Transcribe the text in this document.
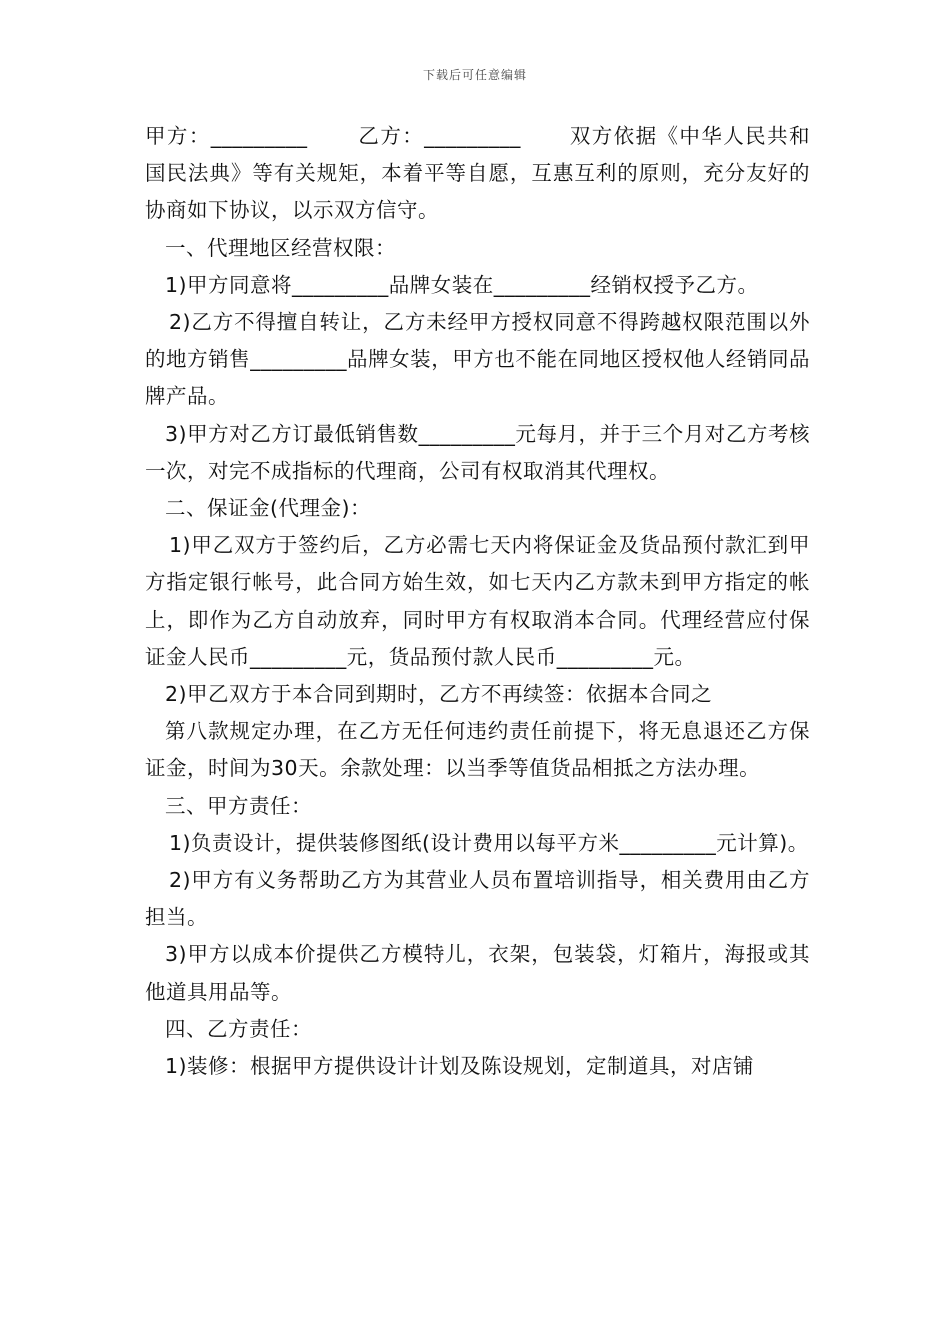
下载后可任意编辑

甲方：_________ 乙方：_________ 双方依据《中华人民共和国民法典》等有关规矩，本着平等自愿，互惠互利的原则，充分友好的协商如下协议，以示双方信守。

一、代理地区经营权限：

1)甲方同意将_________品牌女装在_________经销权授予乙方。

2)乙方不得擅自转让，乙方未经甲方授权同意不得跨越权限范围以外的地方销售_________品牌女装，甲方也不能在同地区授权他人经销同品牌产品。

3)甲方对乙方订最低销售数_________元每月，并于三个月对乙方考核一次，对完不成指标的代理商，公司有权取消其代理权。

二、保证金(代理金)：

1)甲乙双方于签约后，乙方必需七天内将保证金及货品预付款汇到甲方指定银行帐号，此合同方始生效，如七天内乙方款未到甲方指定的帐上，即作为乙方自动放弃，同时甲方有权取消本合同。代理经营应付保证金人民币_________元，货品预付款人民币_________元。

2)甲乙双方于本合同到期时，乙方不再续签：依据本合同之

第八款规定办理，在乙方无任何违约责任前提下，将无息退还乙方保证金，时间为30天。余款处理：以当季等值货品相抵之方法办理。

三、甲方责任：

1)负责设计，提供装修图纸(设计费用以每平方米_________元计算)。

2)甲方有义务帮助乙方为其营业人员布置培训指导，相关费用由乙方担当。

3)甲方以成本价提供乙方模特儿，衣架，包装袋，灯箱片，海报或其他道具用品等。

四、乙方责任：

1)装修：根据甲方提供设计计划及陈设规划，定制道具，对店铺
